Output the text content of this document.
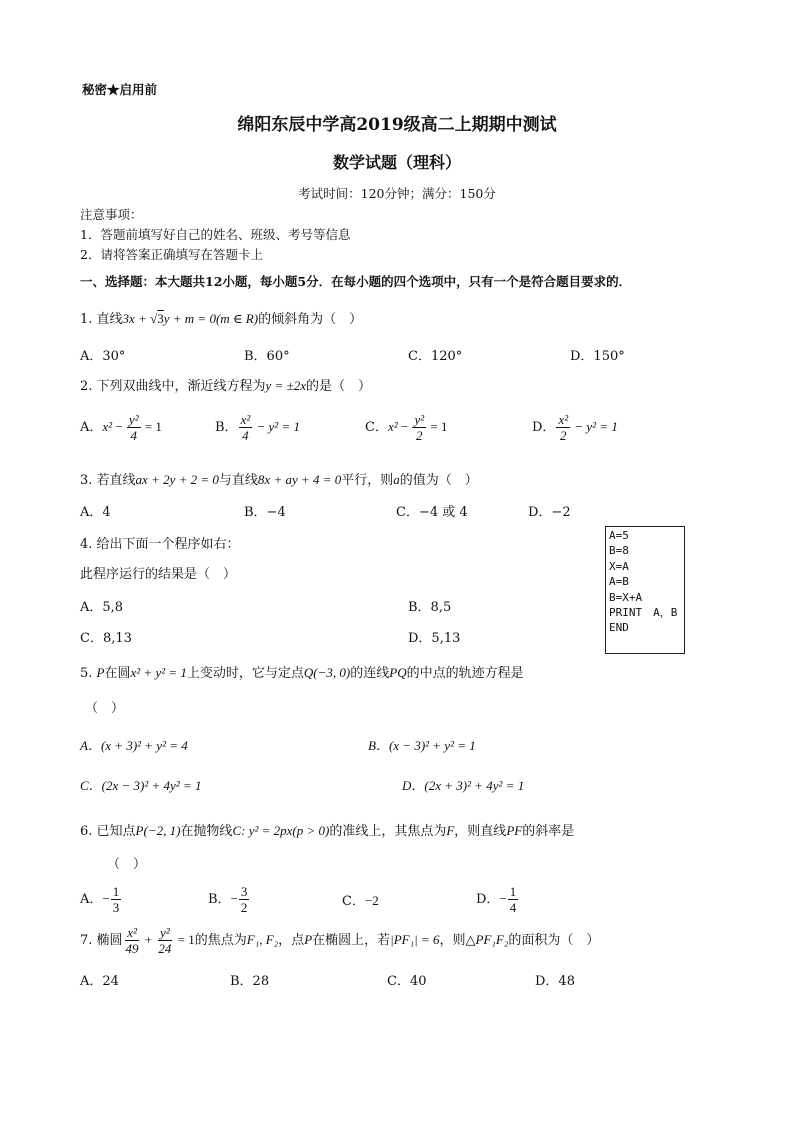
秘密★启用前
绵阳东辰中学高2019级高二上期期中测试
数学试题（理科）
考试时间：120分钟；满分：150分
注意事项：
1．答题前填写好自己的姓名、班级、考号等信息
2．请将答案正确填写在答题卡上
一、选择题：本大题共12小题，每小题5分．在每小题的四个选项中，只有一个是符合题目要求的．
1. 直线3x + √3y + m = 0(m ∈ R)的倾斜角为（　）
A．30°	B．60°	C．120°	D．150°
2. 下列双曲线中，渐近线方程为y = ±2x的是（　）
A．$x^2 - \frac{\text{y²}}{4} = 1$	B． $\frac{\text{x²}}{4} - y^2 = 1$	C．$x^2 - \frac{\text{y²}}{2} = 1$	D． $\frac{\text{x²}}{2} - y^2 = 1$
3. 若直线ax + 2y + 2 = 0与直线8x + ay + 4 = 0平行，则a的值为（　）
A．4	B．−4	C．−4 或 4	D．−2
4. 给出下面一个程序如右：
此程序运行的结果是（　）
A．5,8	B．8,5
C．8,13	D．5,13
A=5
B=8
X=A
A=B
B=X+A
PRINT　A，B
END
5. P在圆x² + y² = 1上变动时，它与定点Q(−3, 0)的连线PQ的中点的轨迹方程是
（　）
A．(x + 3)² + y² = 4	B．(x − 3)² + y² = 1
C．(2x − 3)² + 4y² = 1	D．(2x + 3)² + 4y² = 1
6. 已知点P(−2, 1)在抛物线C: y² = 2px(p > 0)的准线上，其焦点为F，则直线PF的斜率是
（　）
A．− $\frac{1}{3}$	B．− $\frac{3}{2}$	C．−2	D．− $\frac{1}{4}$
7. 椭圆 $\frac{\text{x²}}{49} + \frac{\text{y²}}{24} = 1$的焦点为F₁, F₂，点P在椭圆上，若|PF₁| = 6，则△PF₁F₂的面积为（　）
A．24	B．28	C．40	D．48
